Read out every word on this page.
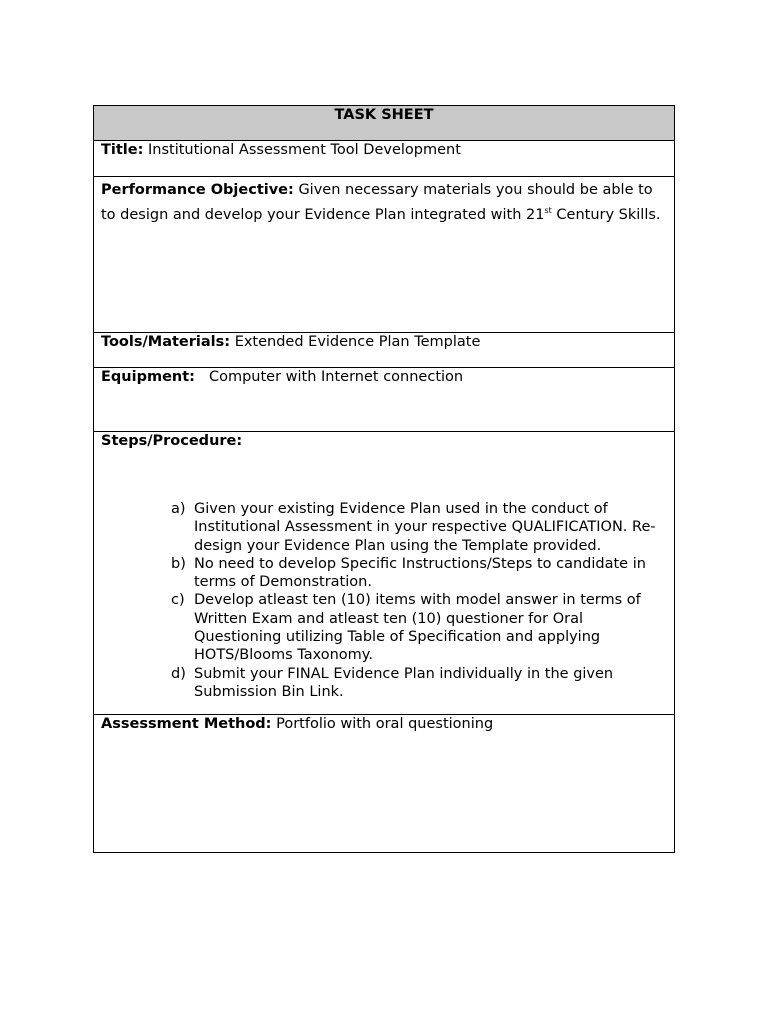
TASK SHEET
Title: Institutional Assessment Tool Development
Performance Objective: Given necessary materials you should be able to to design and develop your Evidence Plan integrated with 21st Century Skills.
Tools/Materials: Extended Evidence Plan Template
Equipment: Computer with Internet connection
Steps/Procedure:
a) Given your existing Evidence Plan used in the conduct of Institutional Assessment in your respective QUALIFICATION. Re-design your Evidence Plan using the Template provided.
b) No need to develop Specific Instructions/Steps to candidate in terms of Demonstration.
c) Develop atleast ten (10) items with model answer in terms of Written Exam and atleast ten (10) questioner for Oral Questioning utilizing Table of Specification and applying HOTS/Blooms Taxonomy.
d) Submit your FINAL Evidence Plan individually in the given Submission Bin Link.
Assessment Method: Portfolio with oral questioning
